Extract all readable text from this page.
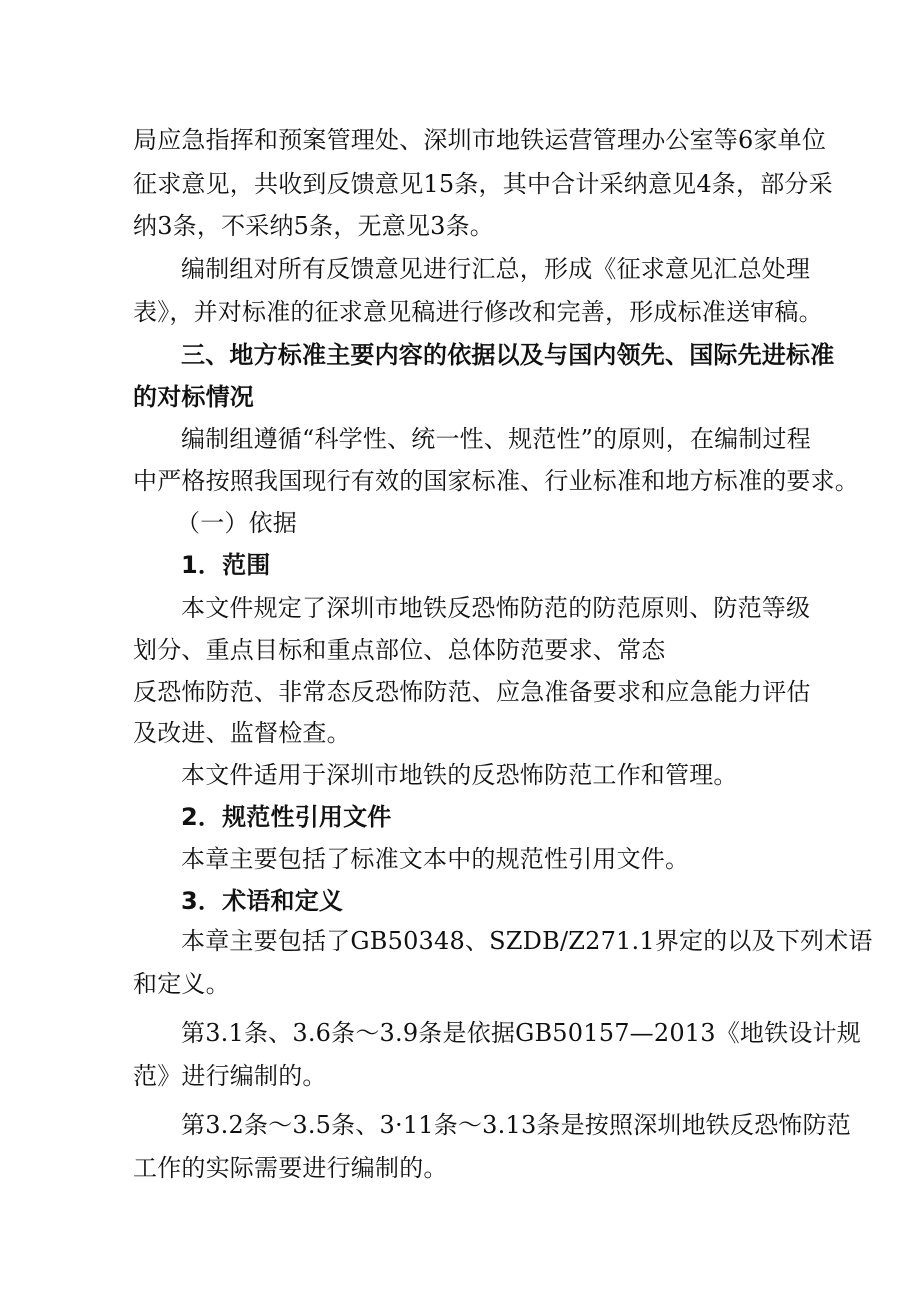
局应急指挥和预案管理处、深圳市地铁运营管理办公室等6家单位
征求意见，共收到反馈意见15条，其中合计采纳意见4条，部分采
纳3条，不采纳5条，无意见3条。
编制组对所有反馈意见进行汇总，形成《征求意见汇总处理
表》，并对标准的征求意见稿进行修改和完善，形成标准送审稿。
三、地方标准主要内容的依据以及与国内领先、国际先进标准
的对标情况
编制组遵循“科学性、统一性、规范性”的原则，在编制过程
中严格按照我国现行有效的国家标准、行业标准和地方标准的要求。
（一）依据
1．范围
本文件规定了深圳市地铁反恐怖防范的防范原则、防范等级
划分、重点目标和重点部位、总体防范要求、常态
反恐怖防范、非常态反恐怖防范、应急准备要求和应急能力评估
及改进、监督检查。
本文件适用于深圳市地铁的反恐怖防范工作和管理。
2．规范性引用文件
本章主要包括了标准文本中的规范性引用文件。
3．术语和定义
本章主要包括了GB50348、SZDB/Z271.1界定的以及下列术语
和定义。
第3.1条、3.6条～3.9条是依据GB50157—2013《地铁设计规
范》进行编制的。
第3.2条～3.5条、3·11条～3.13条是按照深圳地铁反恐怖防范
工作的实际需要进行编制的。
